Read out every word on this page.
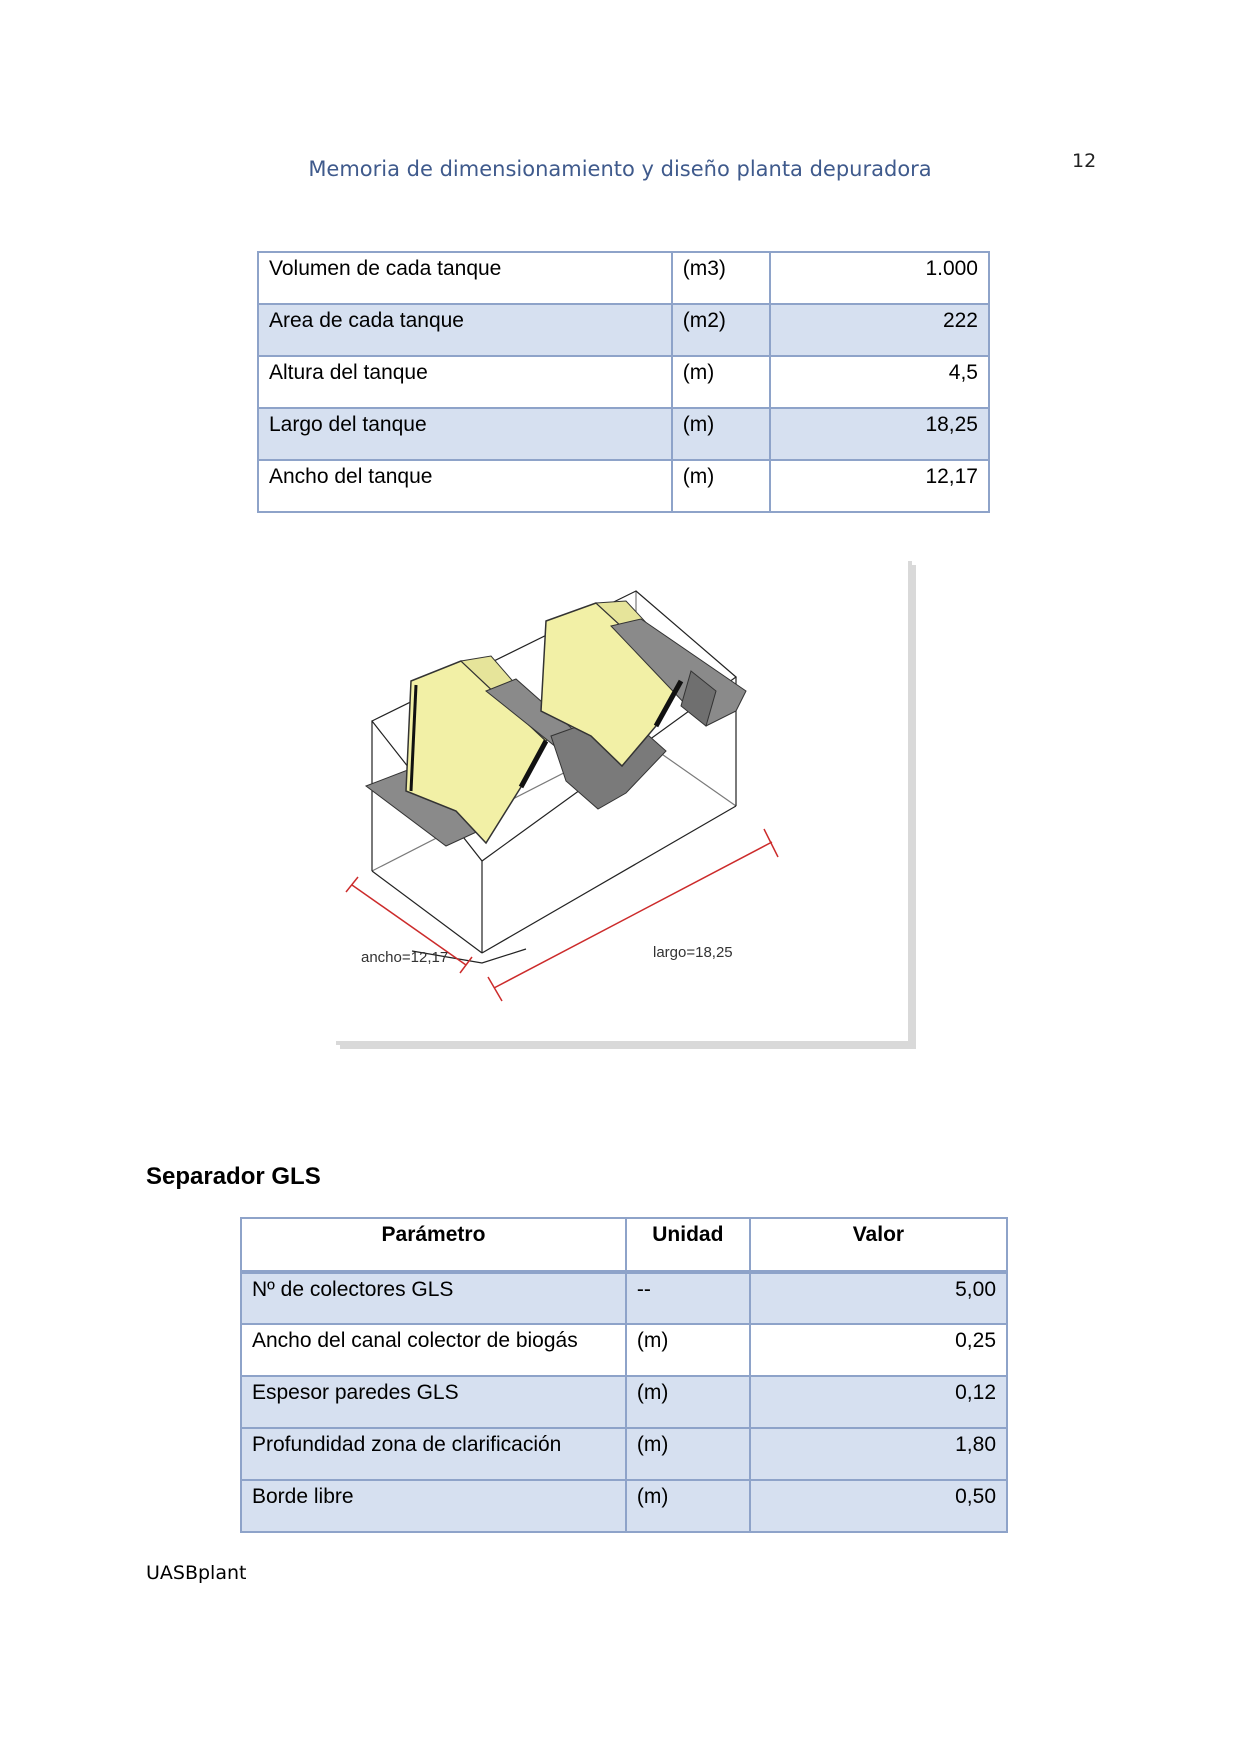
Memoria de dimensionamiento y diseño planta depuradora	12
Volumen de cada tanque	(m3)	1.000
Area de cada tanque	(m2)	222
Altura del tanque	(m)	4,5
Largo del tanque	(m)	18,25
Ancho del tanque	(m)	12,17
ancho=12,17	largo=18,25
Separador GLS
Parámetro	Unidad	Valor
Nº de colectores GLS	--	5,00
Ancho del canal colector de biogás	(m)	0,25
Espesor paredes GLS	(m)	0,12
Profundidad zona de clarificación	(m)	1,80
Borde libre	(m)	0,50
UASBplant
